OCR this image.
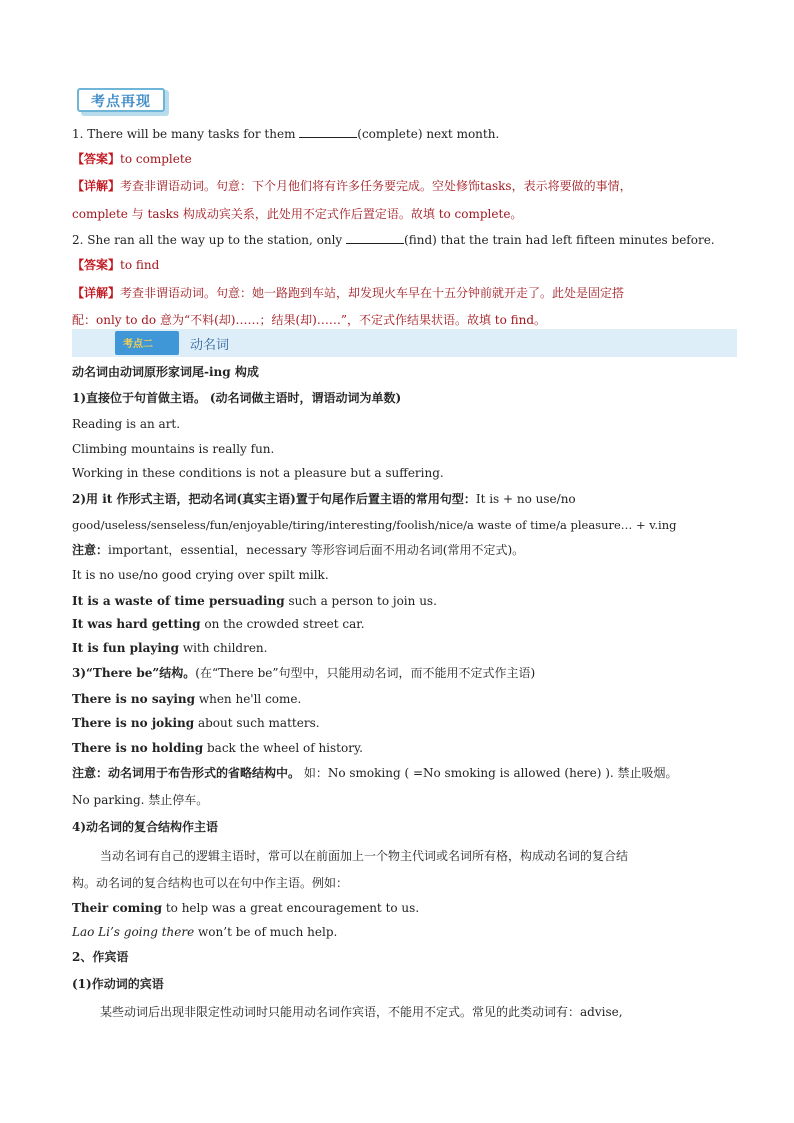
考点再现
1. There will be many tasks for them	(complete) next month.
【答案】to complete
【详解】考查非谓语动词。句意：下个月他们将有许多任务要完成。空处修饰tasks，表示将要做的事情，
complete 与 tasks 构成动宾关系，此处用不定式作后置定语。故填 to complete。
2. She ran all the way up to the station, only	(find) that the train had left fifteen minutes before.
【答案】to find
【详解】考查非谓语动词。句意：她一路跑到车站，却发现火车早在十五分钟前就开走了。此处是固定搭
配：only to do 意为“不料(却)……；结果(却)……”，不定式作结果状语。故填 to find。
考点二	动名词
动名词由动词原形家词尾-ing 构成
1)直接位于句首做主语。 (动名词做主语时，谓语动词为单数)
Reading is an art.
Climbing mountains is really fun.
Working in these conditions is not a pleasure but a suffering.
2)用 it 作形式主语，把动名词(真实主语)置于句尾作后置主语的常用句型：It is + no use/no
good/useless/senseless/fun/enjoyable/tiring/interesting/foolish/nice/a waste of time/a pleasure… + v.ing
注意：important，essential，necessary 等形容词后面不用动名词(常用不定式)。
It is no use/no good crying over spilt milk.
It is a waste of time persuading such a person to join us.
It was hard getting on the crowded street car.
It is fun playing with children.
3)“There be”结构。(在“There be”句型中，只能用动名词，而不能用不定式作主语)
There is no saying when he'll come.
There is no joking about such matters.
There is no holding back the wheel of history.
注意：动名词用于布告形式的省略结构中。 如：No smoking ( =No smoking is allowed (here) ). 禁止吸烟。
No parking. 禁止停车。
4)动名词的复合结构作主语
当动名词有自己的逻辑主语时，常可以在前面加上一个物主代词或名词所有格，构成动名词的复合结
构。动名词的复合结构也可以在句中作主语。例如：
Their coming to help was a great encouragement to us.
Lao Li’s going there won’t be of much help.
2、作宾语
(1)作动词的宾语
某些动词后出现非限定性动词时只能用动名词作宾语，不能用不定式。常见的此类动词有：advise,
